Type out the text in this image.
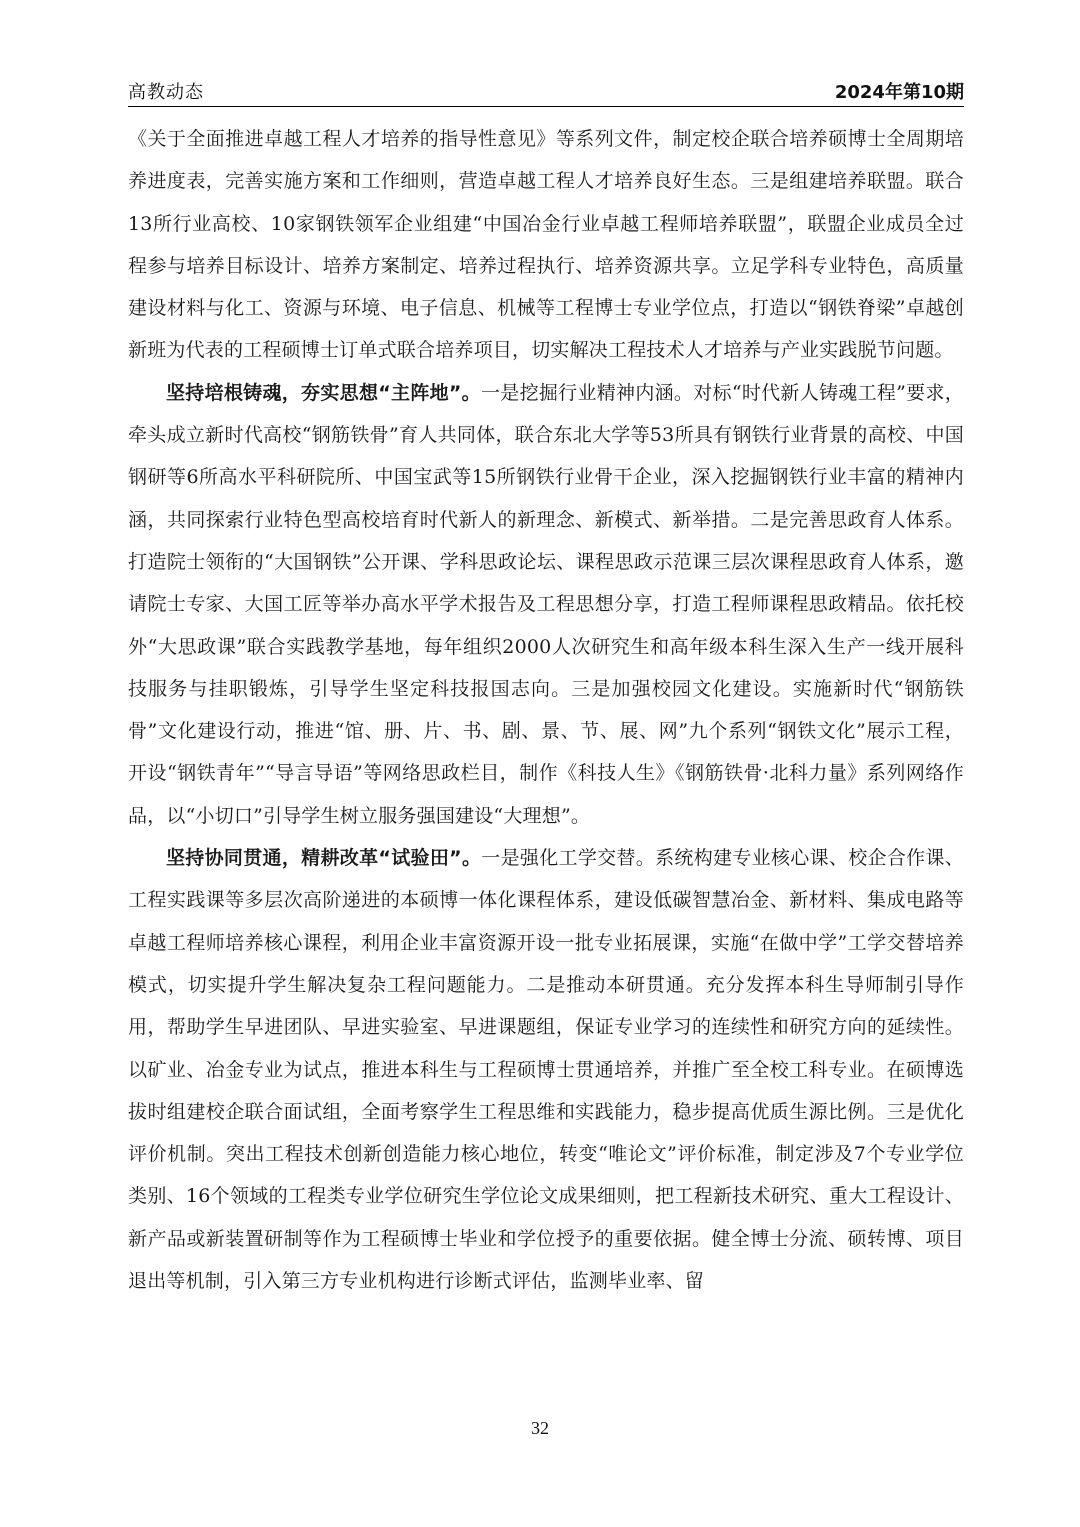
高教动态	2024年第10期

《关于全面推进卓越工程人才培养的指导性意见》等系列文件，制定校企联合培养硕博士全周期培养进度表，完善实施方案和工作细则，营造卓越工程人才培养良好生态。三是组建培养联盟。联合13所行业高校、10家钢铁领军企业组建“中国冶金行业卓越工程师培养联盟”，联盟企业成员全过程参与培养目标设计、培养方案制定、培养过程执行、培养资源共享。立足学科专业特色，高质量建设材料与化工、资源与环境、电子信息、机械等工程博士专业学位点，打造以“钢铁脊梁”卓越创新班为代表的工程硕博士订单式联合培养项目，切实解决工程技术人才培养与产业实践脱节问题。

坚持培根铸魂，夯实思想“主阵地”。一是挖掘行业精神内涵。对标“时代新人铸魂工程”要求，牵头成立新时代高校“钢筋铁骨”育人共同体，联合东北大学等53所具有钢铁行业背景的高校、中国钢研等6所高水平科研院所、中国宝武等15所钢铁行业骨干企业，深入挖掘钢铁行业丰富的精神内涵，共同探索行业特色型高校培育时代新人的新理念、新模式、新举措。二是完善思政育人体系。打造院士领衔的“大国钢铁”公开课、学科思政论坛、课程思政示范课三层次课程思政育人体系，邀请院士专家、大国工匠等举办高水平学术报告及工程思想分享，打造工程师课程思政精品。依托校外“大思政课”联合实践教学基地，每年组织2000人次研究生和高年级本科生深入生产一线开展科技服务与挂职锻炼，引导学生坚定科技报国志向。三是加强校园文化建设。实施新时代“钢筋铁骨”文化建设行动，推进“馆、册、片、书、剧、景、节、展、网”九个系列“钢铁文化”展示工程，开设“钢铁青年”“导言导语”等网络思政栏目，制作《科技人生》《钢筋铁骨·北科力量》系列网络作品，以“小切口”引导学生树立服务强国建设“大理想”。

坚持协同贯通，精耕改革“试验田”。一是强化工学交替。系统构建专业核心课、校企合作课、工程实践课等多层次高阶递进的本硕博一体化课程体系，建设低碳智慧冶金、新材料、集成电路等卓越工程师培养核心课程，利用企业丰富资源开设一批专业拓展课，实施“在做中学”工学交替培养模式，切实提升学生解决复杂工程问题能力。二是推动本研贯通。充分发挥本科生导师制引导作用，帮助学生早进团队、早进实验室、早进课题组，保证专业学习的连续性和研究方向的延续性。以矿业、冶金专业为试点，推进本科生与工程硕博士贯通培养，并推广至全校工科专业。在硕博选拔时组建校企联合面试组，全面考察学生工程思维和实践能力，稳步提高优质生源比例。三是优化评价机制。突出工程技术创新创造能力核心地位，转变“唯论文”评价标准，制定涉及7个专业学位类别、16个领域的工程类专业学位研究生学位论文成果细则，把工程新技术研究、重大工程设计、新产品或新装置研制等作为工程硕博士毕业和学位授予的重要依据。健全博士分流、硕转博、项目退出等机制，引入第三方专业机构进行诊断式评估，监测毕业率、留

32
